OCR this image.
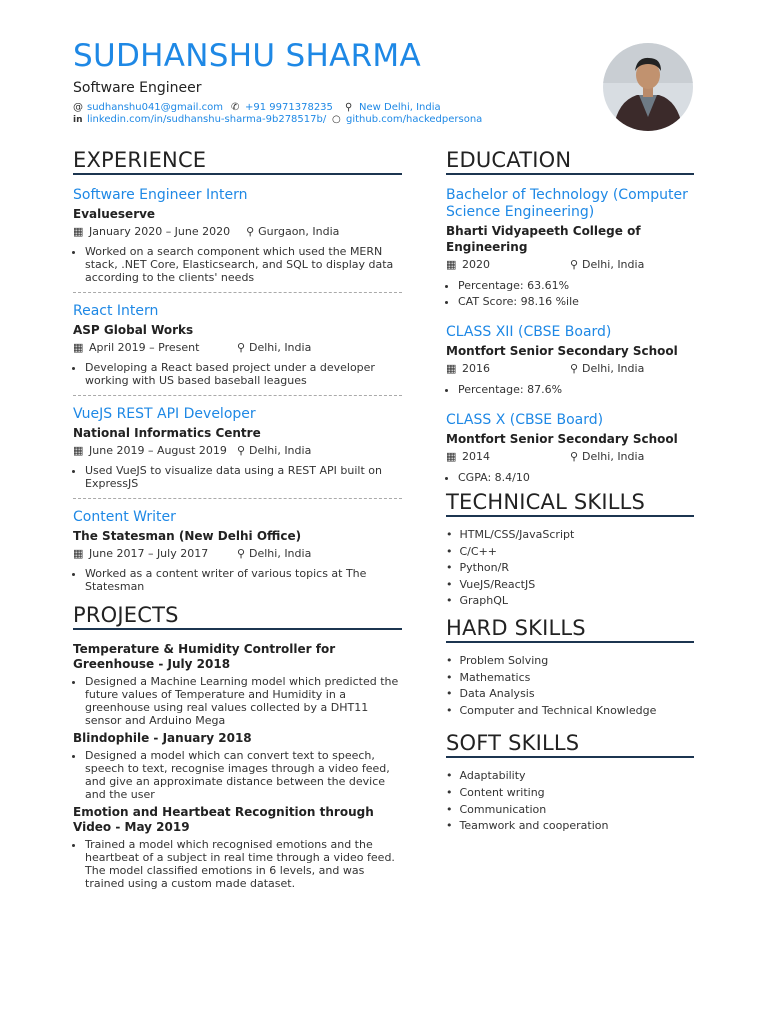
SUDHANSHU SHARMA
Software Engineer
@ sudhanshu041@gmail.com ✆ +91 9971378235 ⚲ New Delhi, India
in linkedin.com/in/sudhanshu-sharma-9b278517b/ ○ github.com/hackedpersona
EXPERIENCE
Software Engineer Intern
Evalueserve
▦ January 2020 – June 2020 ⚲ Gurgaon, India
• Worked on a search component which used the MERN stack, .NET Core, Elasticsearch, and SQL to display data according to the clients' needs
React Intern
ASP Global Works
▦ April 2019 – Present	⚲ Delhi, India
• Developing a React based project under a developer working with US based baseball leagues
VueJS REST API Developer
National Informatics Centre
▦ June 2019 – August 2019 ⚲ Delhi, India
• Used VueJS to visualize data using a REST API built on ExpressJS
Content Writer
The Statesman (New Delhi Office)
▦ June 2017 – July 2017	⚲ Delhi, India
• Worked as a content writer of various topics at The Statesman
PROJECTS
Temperature & Humidity Controller for Greenhouse - July 2018
• Designed a Machine Learning model which predicted the future values of Temperature and Humidity in a greenhouse using real values collected by a DHT11 sensor and Arduino Mega
Blindophile - January 2018
• Designed a model which can convert text to speech, speech to text, recognise images through a video feed, and give an approximate distance between the device and the user
Emotion and Heartbeat Recognition through Video - May 2019
• Trained a model which recognised emotions and the heartbeat of a subject in real time through a video feed. The model classified emotions in 6 levels, and was trained using a custom made dataset.
EDUCATION
Bachelor of Technology (Computer Science Engineering)
Bharti Vidyapeeth College of Engineering
▦ 2020	⚲ Delhi, India
• Percentage: 63.61%
• CAT Score: 98.16 %ile
CLASS XII (CBSE Board)
Montfort Senior Secondary School
▦ 2016	⚲ Delhi, India
• Percentage: 87.6%
CLASS X (CBSE Board)
Montfort Senior Secondary School
▦ 2014	⚲ Delhi, India
• CGPA: 8.4/10
TECHNICAL SKILLS
• HTML/CSS/JavaScript
• C/C++
• Python/R
• VueJS/ReactJS
• GraphQL
HARD SKILLS
• Problem Solving
• Mathematics
• Data Analysis
• Computer and Technical Knowledge
SOFT SKILLS
• Adaptability
• Content writing
• Communication
• Teamwork and cooperation
